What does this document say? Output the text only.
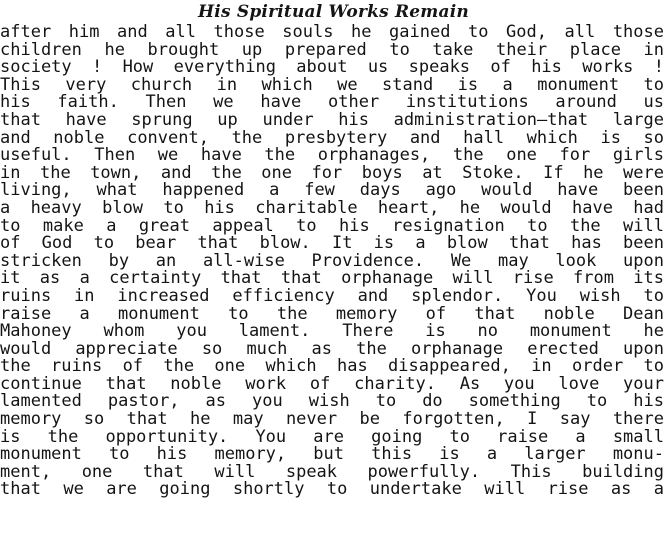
His Spiritual Works Remain
after him and all those souls he gained to God, all those
children he brought up prepared to take their place in
society ! How everything about us speaks of his works !
This very church in which we stand is a monument to
his faith. Then we have other institutions around us
that have sprung up under his administration—that large
and noble convent, the presbytery and hall which is so
useful. Then we have the orphanages, the one for girls
in the town, and the one for boys at Stoke. If he were
living, what happened a few days ago would have been
a heavy blow to his charitable heart, he would have had
to make a great appeal to his resignation to the will
of God to bear that blow. It is a blow that has been
stricken by an all-wise Providence. We may look upon
it as a certainty that that orphanage will rise from its
ruins in increased efficiency and splendor. You wish to
raise a monument to the memory of that noble Dean
Mahoney whom you lament. There is no monument he
would appreciate so much as the orphanage erected upon
the ruins of the one which has disappeared, in order to
continue that noble work of charity. As you love your
lamented pastor, as you wish to do something to his
memory so that he may never be forgotten, I say there
is the opportunity. You are going to raise a small
monument to his memory, but this is a larger monu-
ment, one that will speak powerfully. This building
that we are going shortly to undertake will rise as a
